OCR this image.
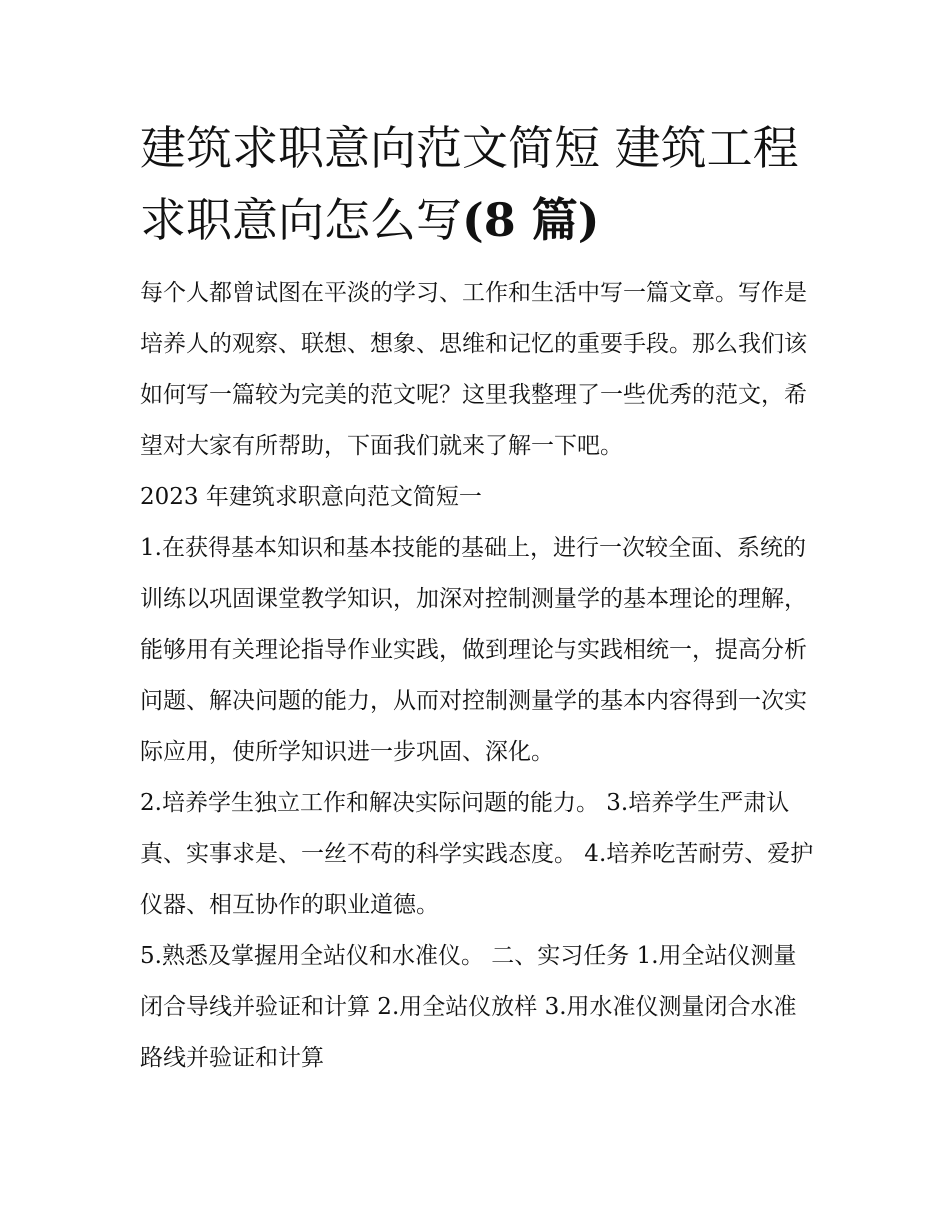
建筑求职意向范文简短 建筑工程求职意向怎么写(8 篇)

每个人都曾试图在平淡的学习、工作和生活中写一篇文章。写作是培养人的观察、联想、想象、思维和记忆的重要手段。那么我们该如何写一篇较为完美的范文呢？这里我整理了一些优秀的范文，希望对大家有所帮助，下面我们就来了解一下吧。

2023 年建筑求职意向范文简短一

1.在获得基本知识和基本技能的基础上，进行一次较全面、系统的训练以巩固课堂教学知识，加深对控制测量学的基本理论的理解，能够用有关理论指导作业实践，做到理论与实践相统一，提高分析问题、解决问题的能力，从而对控制测量学的基本内容得到一次实际应用，使所学知识进一步巩固、深化。

2.培养学生独立工作和解决实际问题的能力。 3.培养学生严肃认真、实事求是、一丝不苟的科学实践态度。 4.培养吃苦耐劳、爱护仪器、相互协作的职业道德。

5.熟悉及掌握用全站仪和水准仪。 二、实习任务 1.用全站仪测量闭合导线并验证和计算 2.用全站仪放样 3.用水准仪测量闭合水准路线并验证和计算
